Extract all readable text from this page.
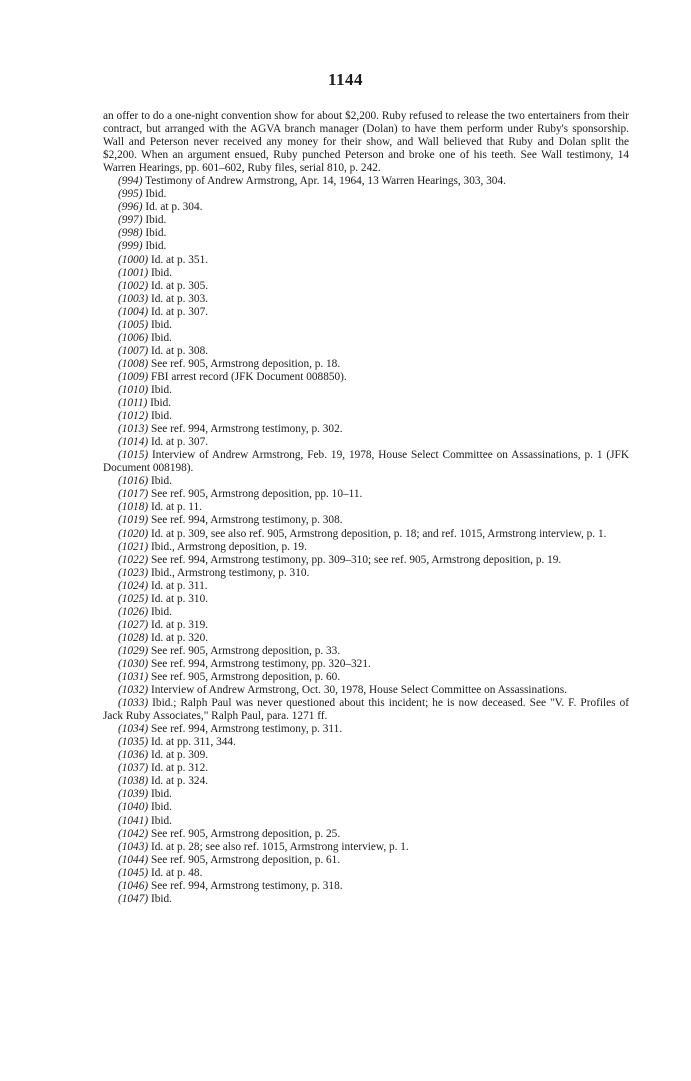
1144

an offer to do a one-night convention show for about $2,200. Ruby refused to release the two entertainers from their contract, but arranged with the AGVA branch manager (Dolan) to have them perform under Ruby's sponsorship. Wall and Peterson never received any money for their show, and Wall believed that Ruby and Dolan split the $2,200. When an argument ensued, Ruby punched Peterson and broke one of his teeth. See Wall testimony, 14 Warren Hearings, pp. 601–602, Ruby files, serial 810, p. 242.

(994) Testimony of Andrew Armstrong, Apr. 14, 1964, 13 Warren Hearings, 303, 304.

(995) Ibid.

(996) Id. at p. 304.

(997) Ibid.

(998) Ibid.

(999) Ibid.

(1000) Id. at p. 351.

(1001) Ibid.

(1002) Id. at p. 305.

(1003) Id. at p. 303.

(1004) Id. at p. 307.

(1005) Ibid.

(1006) Ibid.

(1007) Id. at p. 308.

(1008) See ref. 905, Armstrong deposition, p. 18.

(1009) FBI arrest record (JFK Document 008850).

(1010) Ibid.

(1011) Ibid.

(1012) Ibid.

(1013) See ref. 994, Armstrong testimony, p. 302.

(1014) Id. at p. 307.

(1015) Interview of Andrew Armstrong, Feb. 19, 1978, House Select Committee on Assassinations, p. 1 (JFK Document 008198).

(1016) Ibid.

(1017) See ref. 905, Armstrong deposition, pp. 10–11.

(1018) Id. at p. 11.

(1019) See ref. 994, Armstrong testimony, p. 308.

(1020) Id. at p. 309, see also ref. 905, Armstrong deposition, p. 18; and ref. 1015, Armstrong interview, p. 1.

(1021) Ibid., Armstrong deposition, p. 19.

(1022) See ref. 994, Armstrong testimony, pp. 309–310; see ref. 905, Armstrong deposition, p. 19.

(1023) Ibid., Armstrong testimony, p. 310.

(1024) Id. at p. 311.

(1025) Id. at p. 310.

(1026) Ibid.

(1027) Id. at p. 319.

(1028) Id. at p. 320.

(1029) See ref. 905, Armstrong deposition, p. 33.

(1030) See ref. 994, Armstrong testimony, pp. 320–321.

(1031) See ref. 905, Armstrong deposition, p. 60.

(1032) Interview of Andrew Armstrong, Oct. 30, 1978, House Select Committee on Assassinations.

(1033) Ibid.; Ralph Paul was never questioned about this incident; he is now deceased. See "V. F. Profiles of Jack Ruby Associates," Ralph Paul, para. 1271 ff.

(1034) See ref. 994, Armstrong testimony, p. 311.

(1035) Id. at pp. 311, 344.

(1036) Id. at p. 309.

(1037) Id. at p. 312.

(1038) Id. at p. 324.

(1039) Ibid.

(1040) Ibid.

(1041) Ibid.

(1042) See ref. 905, Armstrong deposition, p. 25.

(1043) Id. at p. 28; see also ref. 1015, Armstrong interview, p. 1.

(1044) See ref. 905, Armstrong deposition, p. 61.

(1045) Id. at p. 48.

(1046) See ref. 994, Armstrong testimony, p. 318.

(1047) Ibid.
